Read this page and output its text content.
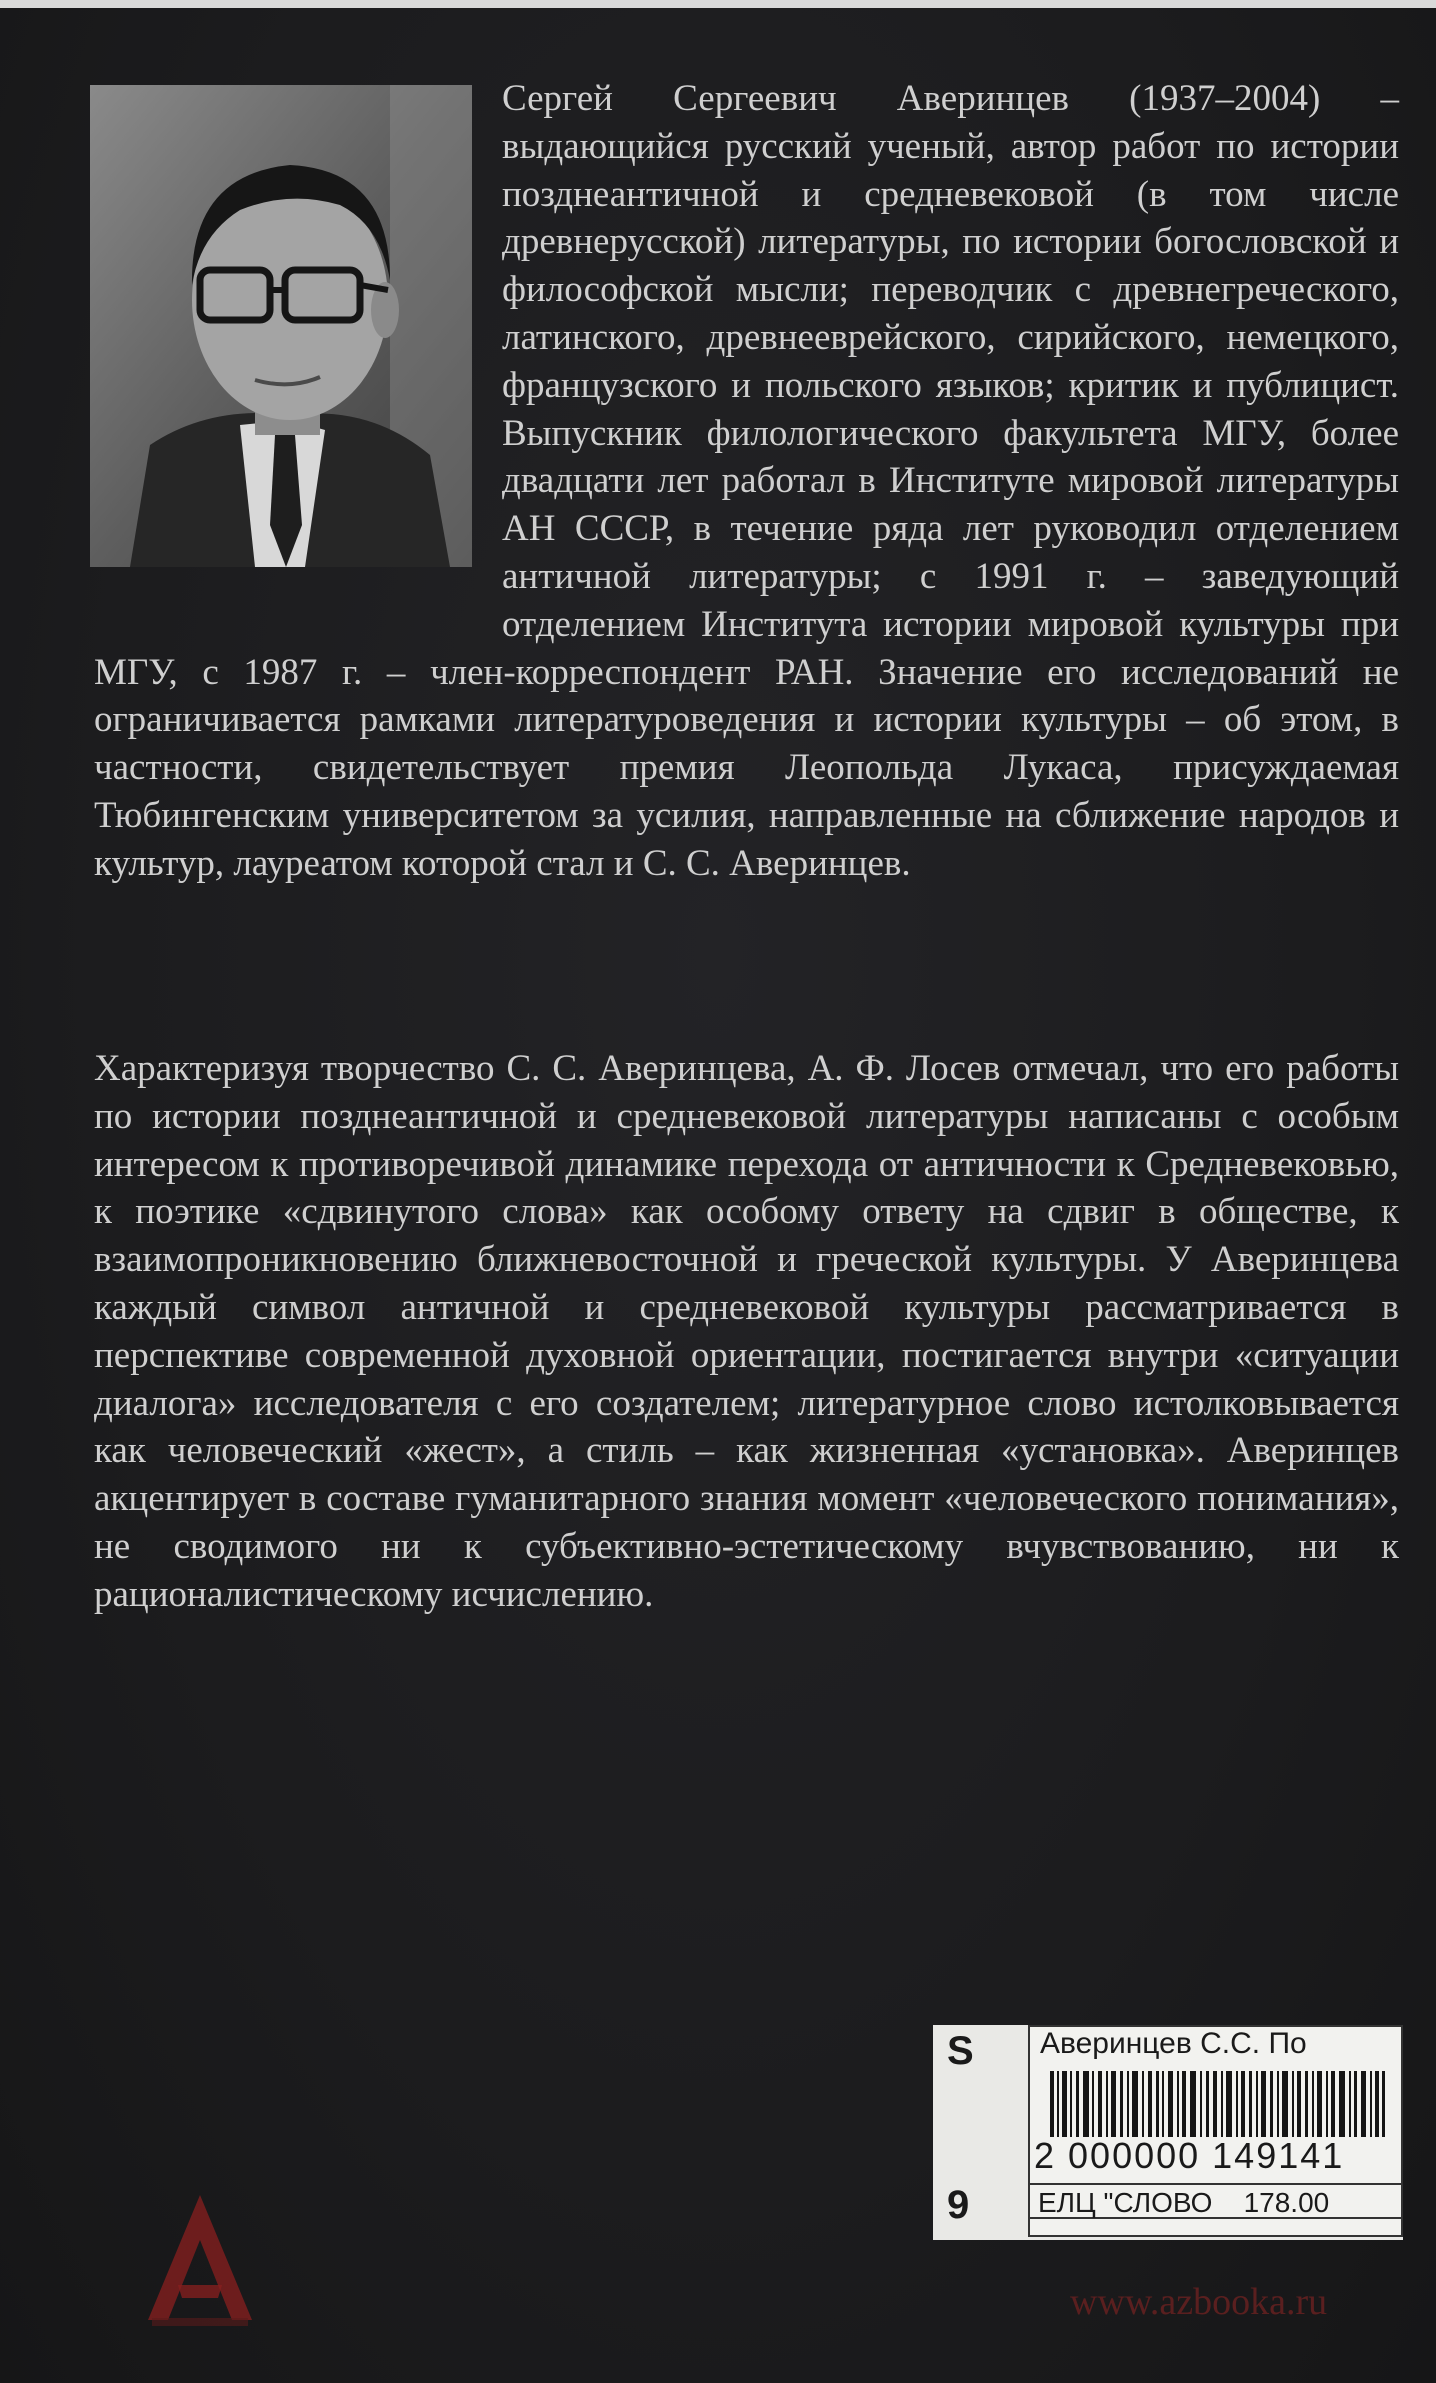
Сергей Сергеевич Аверинцев (1937–2004) – выдающийся русский ученый, автор работ по истории позднеантичной и средневековой (в том числе древнерусской) литературы, по истории богословской и философской мысли; переводчик с древнегреческого, латинского, древнееврейского, сирийского, немецкого, французского и польского языков; критик и публицист. Выпускник филологического факультета МГУ, более двадцати лет работал в Институте мировой литературы АН СССР, в течение ряда лет руководил отделением античной литературы; с 1991 г. – заведующий отделением Института истории мировой культуры при МГУ, с 1987 г. – член-корреспондент РАН. Значение его исследований не ограничивается рамками литературоведения и истории культуры – об этом, в частности, свидетельствует премия Леопольда Лукаса, присуждаемая Тюбингенским университетом за усилия, направленные на сближение народов и культур, лауреатом которой стал и С. С. Аверинцев.

Характеризуя творчество С. С. Аверинцева, А. Ф. Лосев отмечал, что его работы по истории позднеантичной и средневековой литературы написаны с особым интересом к противоречивой динамике перехода от античности к Средневековью, к поэтике «сдвинутого слова» как особому ответу на сдвиг в обществе, к взаимопроникновению ближневосточной и греческой культуры. У Аверинцева каждый символ античной и средневековой культуры рассматривается в перспективе современной духовной ориентации, постигается внутри «ситуации диалога» исследователя с его создателем; литературное слово истолковывается как человеческий «жест», а стиль – как жизненная «установка». Аверинцев акцентирует в составе гуманитарного знания момент «человеческого понимания», не сводимого ни к субъективно-эстетическому вчувствованию, ни к рационалистическому исчислению.

S
9
Аверинцев С.С. По
2 000000 149141
ЕЛЦ "СЛОВО    178.00
www.azbooka.ru
